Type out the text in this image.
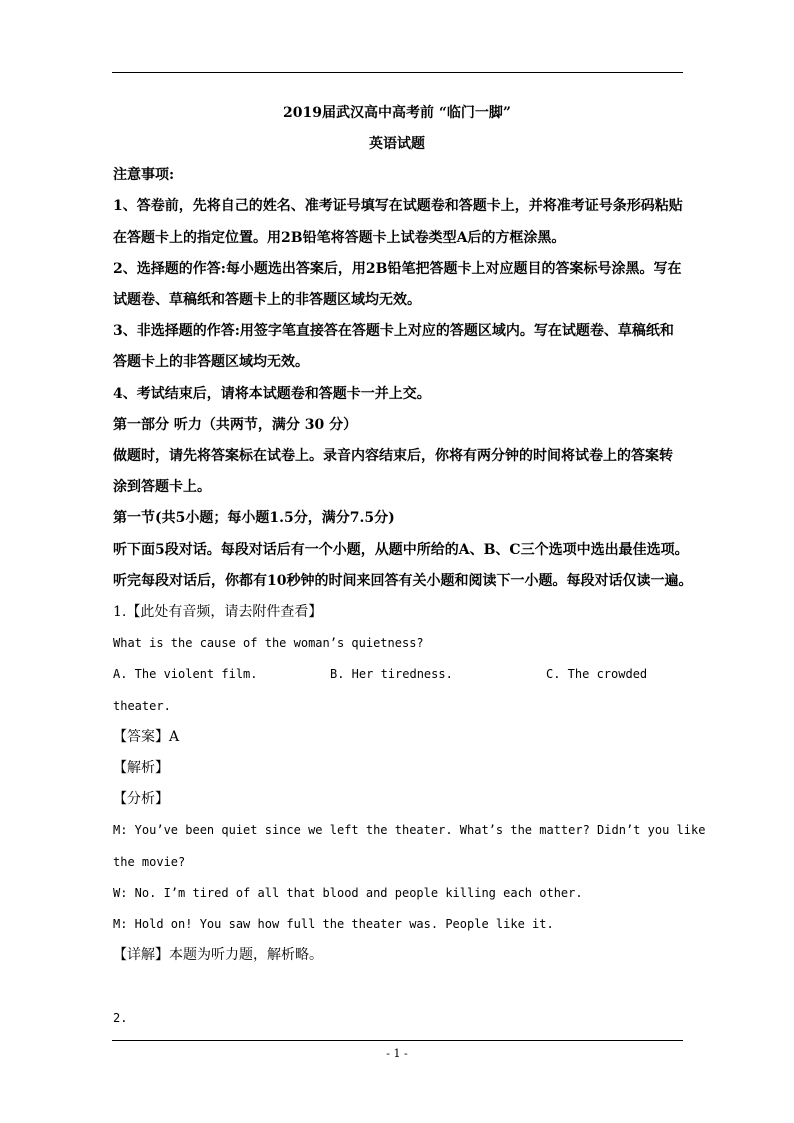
2019届武汉高中高考前 “临门一脚”
英语试题
注意事项:
1、答卷前，先将自己的姓名、准考证号填写在试题卷和答题卡上，并将准考证号条形码粘贴
在答题卡上的指定位置。用2B铅笔将答题卡上试卷类型A后的方框涂黑。
2、选择题的作答:每小题选出答案后，用2B铅笔把答题卡上对应题目的答案标号涂黑。写在
试题卷、草稿纸和答题卡上的非答题区域均无效。
3、非选择题的作答:用签字笔直接答在答题卡上对应的答题区域内。写在试题卷、草稿纸和
答题卡上的非答题区域均无效。
4、考试结束后，请将本试题卷和答题卡一并上交。
第一部分 听力（共两节，满分 30 分）
做题时，请先将答案标在试卷上。录音内容结束后，你将有两分钟的时间将试卷上的答案转
涂到答题卡上。
第一节(共5小题；每小题1.5分，满分7.5分)
听下面5段对话。每段对话后有一个小题，从题中所给的A、B、C三个选项中选出最佳选项。
听完每段对话后，你都有10秒钟的时间来回答有关小题和阅读下一小题。每段对话仅读一遍。
1.【此处有音频，请去附件查看】
What is the cause of the woman’s quietness?
A. The violent film.	B. Her tiredness.	C. The crowded
theater.
【答案】A
【解析】
【分析】
M: You’ve been quiet since we left the theater. What’s the matter? Didn’t you like
the movie?
W: No. I’m tired of all that blood and people killing each other.
M: Hold on! You saw how full the theater was. People like it.
【详解】本题为听力题，解析略。
2.
- 1 -
